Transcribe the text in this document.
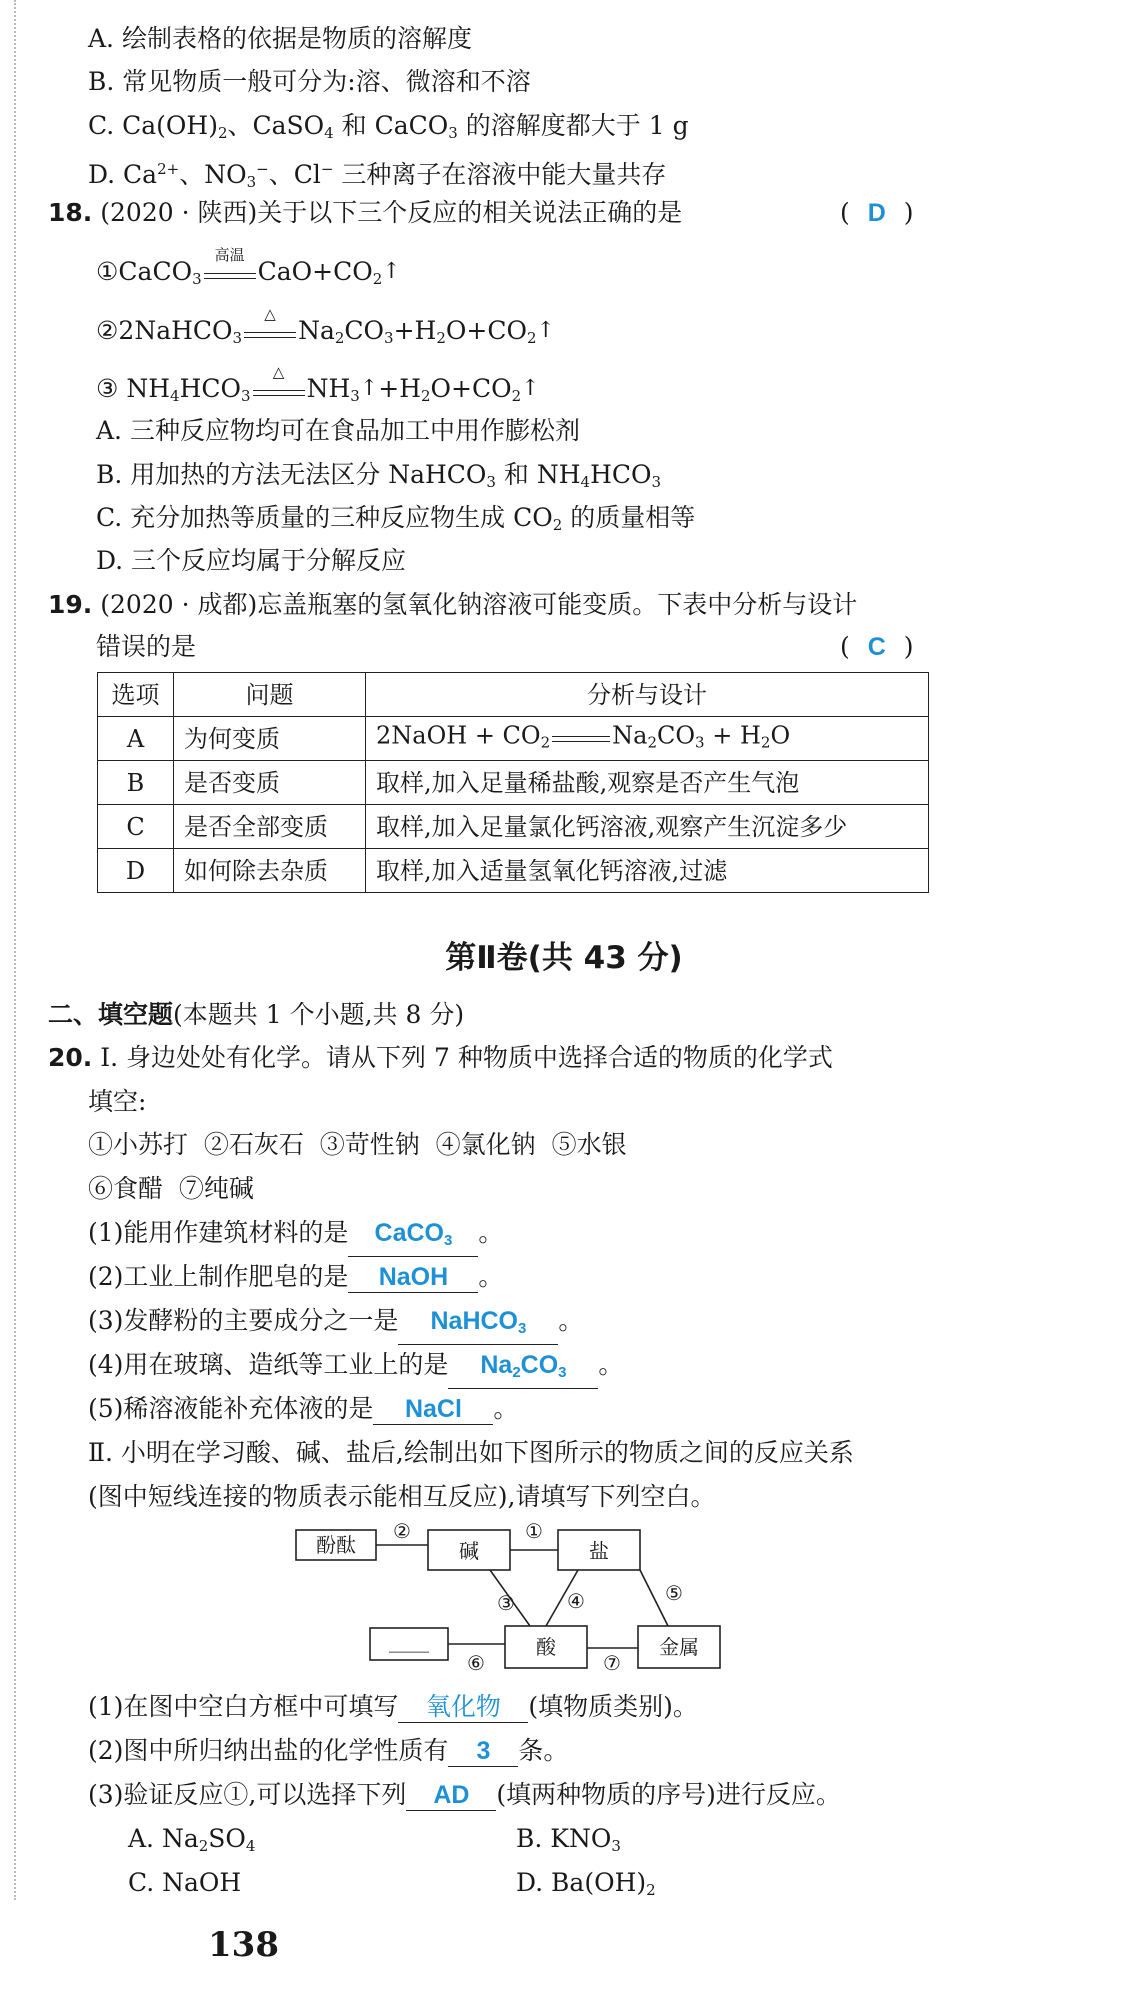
A. 绘制表格的依据是物质的溶解度
B. 常见物质一般可分为:溶、微溶和不溶
C. $Ca(OH)_2$、CaSO$_4$ 和 CaCO$_3$ 的溶解度都大于 1 g
D. $Ca^{2+}$、$NO_3^-$、Cl− 三种离子在溶液中能大量共存
18. (2020 · 陕西)关于以下三个反应的相关说法正确的是	( D )
①CaCO$_3$
高温
$CaO+CO_2↑$
②2NaHCO$_3$
△
$Na_2CO_3+H_2O+CO_2↑$
③ $NH_4HCO_3$
△
$NH_3↑+H_2O+CO_2↑$
A. 三种反应物均可在食品加工中用作膨松剂
B. 用加热的方法无法区分 NaHCO$_3$ 和 $NH_4HCO_3$
C. 充分加热等质量的三种反应物生成 $CO_2$ 的质量相等
D. 三个反应均属于分解反应
19. (2020 · 成都)忘盖瓶塞的氢氧化钠溶液可能变质。下表中分析与设计
错误的是	( C )
选项	问题	分析与设计
A	为何变质	2NaOH + $CO_2$ $Na_2CO_3 + H_2O$
B	是否变质	取样,加入足量稀盐酸,观察是否产生气泡
C	是否全部变质	取样,加入足量氯化钙溶液,观察产生沉淀多少
D	如何除去杂质	取样,加入适量氢氧化钙溶液,过滤
第Ⅱ卷(共 43 分)
二、填空题(本题共 1 个小题,共 8 分)
20. Ⅰ. 身边处处有化学。请从下列 7 种物质中选择合适的物质的化学式
填空:
①小苏打  ②石灰石  ③苛性钠  ④氯化钠  ⑤水银
⑥食醋  ⑦纯碱
(1)能用作建筑材料的是 CaCO$_3$ 。
(2)工业上制作肥皂的是 NaOH 。
(3)发酵粉的主要成分之一是 NaHCO$_3$ 。
(4)用在玻璃、造纸等工业上的是 $Na_2CO_3$ 。
(5)稀溶液能补充体液的是 NaCl 。
Ⅱ. 小明在学习酸、碱、盐后,绘制出如下图所示的物质之间的反应关系
(图中短线连接的物质表示能相互反应),请填写下列空白。
酚酞	碱	盐
____	酸	金属
②	①
③	④	⑤
⑥	⑦
(1)在图中空白方框中可填写 氧化物 (填物质类别)。
(2)图中所归纳出盐的化学性质有 3 条。
(3)验证反应①,可以选择下列 AD (填两种物质的序号)进行反应。
A. $Na_2SO_4$	B. $KNO_3$
C. NaOH	D. $Ba(OH)_2$
138
